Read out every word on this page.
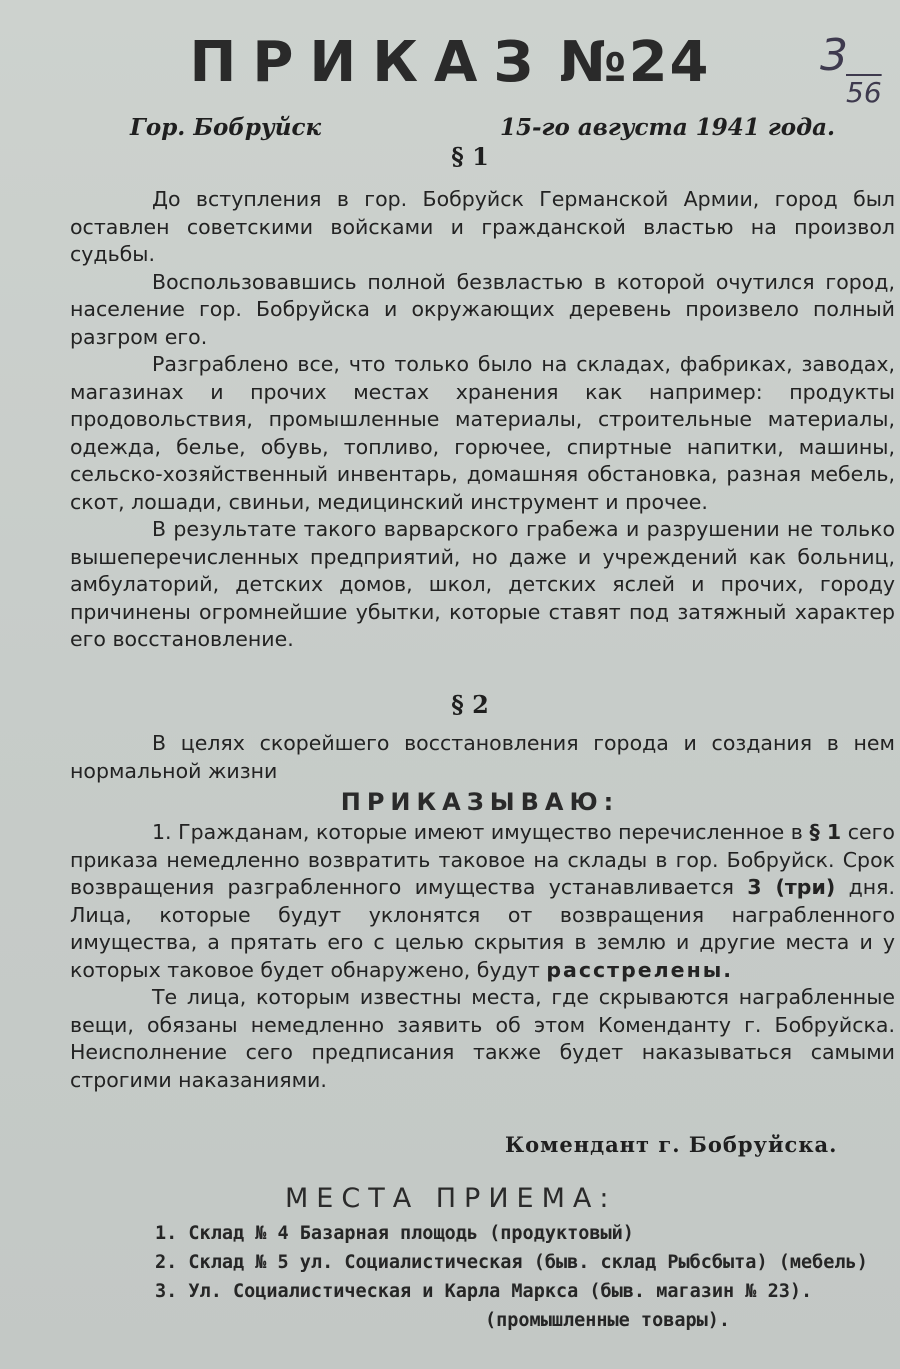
ПРИКАЗ №24	3
56
Гор. Бобруйск	15-го августа 1941 года.
§ 1

До вступления в гор. Бобруйск Германской Армии, город был оставлен советскими войсками и гражданской властью на произвол судьбы.

Воспользовавшись полной безвластью в которой очутился город, население гор. Бобруйска и окружающих деревень произвело полный разгром его.

Разграблено все, что только было на складах, фабриках, заводах, магазинах и прочих местах хранения как например: продукты продовольствия, промышленные материалы, строительные материалы, одежда, белье, обувь, топливо, горючее, спиртные напитки, машины, сельско-хозяйственный инвентарь, домашняя обстановка, разная мебель, скот, лошади, свиньи, медицинский инструмент и прочее.

В результате такого варварского грабежа и разрушении не только вышеперечисленных предприятий, но даже и учреждений как больниц, амбулаторий, детских домов, школ, детских яслей и прочих, городу причинены огромнейшие убытки, которые ставят под затяжный характер его восстановление.

§ 2

В целях скорейшего восстановления города и создания в нем нормальной жизни

ПРИКАЗЫВАЮ:

1. Гражданам, которые имеют имущество перечисленное в § 1 сего приказа немедленно возвратить таковое на склады в гор. Бобруйск. Срок возвращения разграбленного имущества устанавливается 3 (три) дня. Лица, которые будут уклонятся от возвращения награбленного имущества, а прятать его с целью скрытия в землю и другие места и у которых таковое будет обнаружено, будут расстрелены.

Те лица, которым известны места, где скрываются награбленные вещи, обязаны немедленно заявить об этом Коменданту г. Бобруйска. Неисполнение сего предписания также будет наказываться самыми строгими наказаниями.

Комендант г. Бобруйска.
МЕСТА ПРИЕМА:
1. Склад № 4 Базарная площодь (продуктовый)
2. Склад № 5 ул. Социалистическая (быв. склад Рыбсбыта) (мебель)
3. Ул. Социалистическая и Карла Маркса (быв. магазин № 23).
(промышленные товары).
